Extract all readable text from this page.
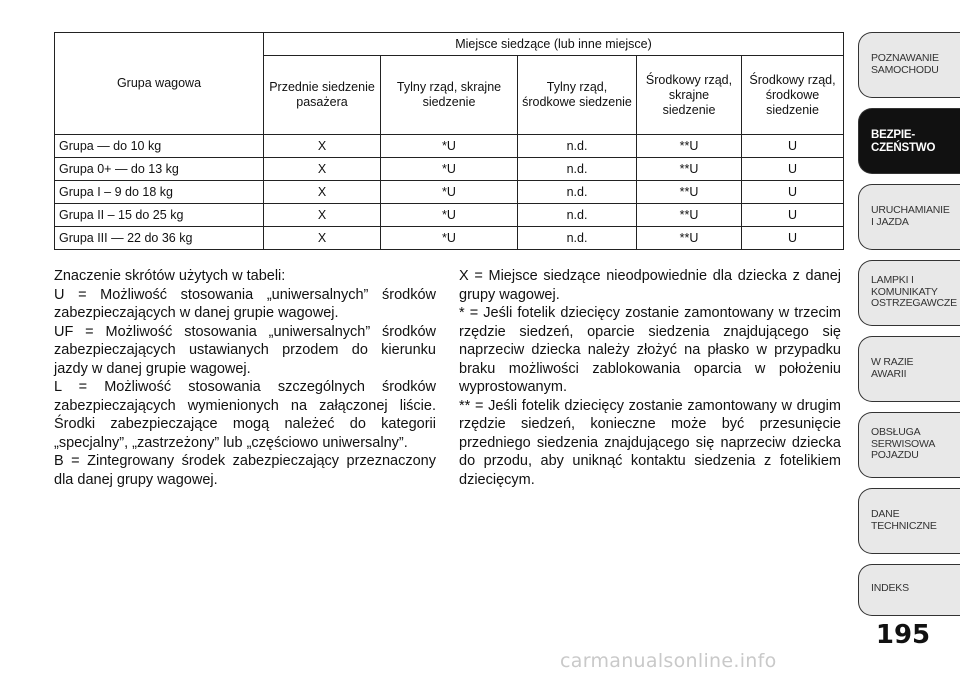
Grupa wagowa	Miejsce siedzące (lub inne miejsce)				
	Przednie siedzenie pasażera	Tylny rząd, skrajne siedzenie	Tylny rząd, środkowe siedzenie	Środkowy rząd, skrajne siedzenie	Środkowy rząd, środkowe siedzenie
Grupa — do 10 kg	X	*U	n.d.	**U	U
Grupa 0+ — do 13 kg	X	*U	n.d.	**U	U
Grupa I – 9 do 18 kg	X	*U	n.d.	**U	U
Grupa II – 15 do 25 kg	X	*U	n.d.	**U	U
Grupa III — 22 do 36 kg	X	*U	n.d.	**U	U

Znaczenie skrótów użytych w tabeli:

U = Możliwość stosowania „uniwersalnych” środków zabezpieczających w danej grupie wagowej.

UF = Możliwość stosowania „uniwersalnych” środków zabezpieczających ustawianych przodem do kierunku jazdy w danej grupie wagowej.

L = Możliwość stosowania szczególnych środków zabezpieczających wymienionych na załączonej liście. Środki zabezpieczające mogą należeć do kategorii „specjalny”, „zastrzeżony” lub „częściowo uniwersalny”.

B = Zintegrowany środek zabezpieczający przeznaczony dla danej grupy wagowej.

X = Miejsce siedzące nieodpowiednie dla dziecka z danej grupy wagowej.

* = Jeśli fotelik dziecięcy zostanie zamontowany w trzecim rzędzie siedzeń, oparcie siedzenia znajdującego się naprzeciw dziecka należy złożyć na płasko w przypadku braku możliwości zablokowania oparcia w położeniu wyprostowanym.

** = Jeśli fotelik dziecięcy zostanie zamontowany w drugim rzędzie siedzeń, konieczne może być przesunięcie przedniego siedzenia znajdującego się naprzeciw dziecka do przodu, aby uniknąć kontaktu siedzenia z fotelikiem dziecięcym.

POZNAWANIE
SAMOCHODU
BEZPIE-
CZEŃSTWO
URUCHAMIANIE
I JAZDA
LAMPKI I
KOMUNIKATY
OSTRZEGAWCZE
W RAZIE
AWARII
OBSŁUGA
SERWISOWA
POJAZDU
DANE
TECHNICZNE
INDEKS
195
carmanualsonline.info
